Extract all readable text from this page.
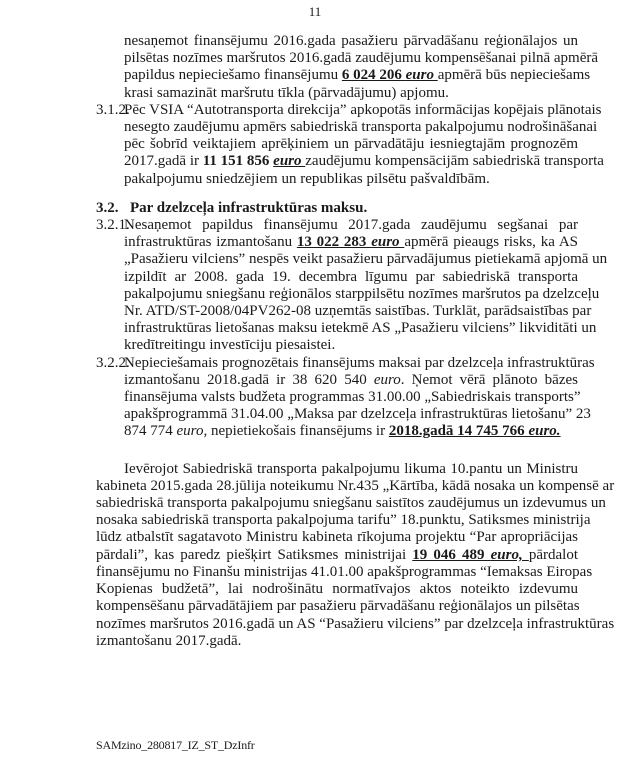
11
nesaņemot finansējumu 2016.gada pasažieru pārvadāšanu reģionālajos un
pilsētas nozīmes maršrutos 2016.gadā zaudējumu kompensēšanai pilnā apmērā
papildus nepieciešamo finansējumu 6 024 206 euro apmērā būs nepieciešams
krasi samazināt maršrutu tīkla (pārvadājumu) apjomu.
3.1.2.
Pēc VSIA “Autotransporta direkcija” apkopotās informācijas kopējais plānotais
nesegto zaudējumu apmērs sabiedriskā transporta pakalpojumu nodrošināšanai
pēc šobrīd veiktajiem aprēķiniem un pārvadātāju iesniegtajām prognozēm
2017.gadā ir 11 151 856 euro zaudējumu kompensācijām sabiedriskā transporta
pakalpojumu sniedzējiem un republikas pilsētu pašvaldībām.
3.2. Par dzelzceļa infrastruktūras maksu.
3.2.1.
Nesaņemot papildus finansējumu 2017.gada zaudējumu segšanai par
infrastruktūras izmantošanu 13 022 283 euro apmērā pieaugs risks, ka AS
„Pasažieru vilciens” nespēs veikt pasažieru pārvadājumus pietiekamā apjomā un
izpildīt ar 2008. gada 19. decembra līgumu par sabiedriskā transporta
pakalpojumu sniegšanu reģionālos starppilsētu nozīmes maršrutos pa dzelzceļu
Nr. ATD/ST-2008/04PV262-08 uzņemtās saistības. Turklāt, parādsaistības par
infrastruktūras lietošanas maksu ietekmē AS „Pasažieru vilciens” likviditāti un
kredītreitingu investīciju piesaistei.
3.2.2.
Nepieciešamais prognozētais finansējums maksai par dzelzceļa infrastruktūras
izmantošanu 2018.gadā ir 38 620 540 euro. Ņemot vērā plānoto bāzes
finansējuma valsts budžeta programmas 31.00.00 „Sabiedriskais transports”
apakšprogrammā 31.04.00 „Maksa par dzelzceļa infrastruktūras lietošanu” 23
874 774 euro, nepietiekošais finansējums ir 2018.gadā 14 745 766 euro.
Ievērojot Sabiedriskā transporta pakalpojumu likuma 10.pantu un Ministru
kabineta 2015.gada 28.jūlija noteikumu Nr.435 „Kārtība, kādā nosaka un kompensē ar
sabiedriskā transporta pakalpojumu sniegšanu saistītos zaudējumus un izdevumus un
nosaka sabiedriskā transporta pakalpojuma tarifu” 18.punktu, Satiksmes ministrija
lūdz atbalstīt sagatavoto Ministru kabineta rīkojuma projektu “Par apropriācijas
pārdali”, kas paredz piešķirt Satiksmes ministrijai 19 046 489 euro, pārdalot
finansējumu no Finanšu ministrijas 41.01.00 apakšprogrammas “Iemaksas Eiropas
Kopienas budžetā”, lai nodrošinātu normatīvajos aktos noteikto izdevumu
kompensēšanu pārvadātājiem par pasažieru pārvadāšanu reģionālajos un pilsētas
nozīmes maršrutos 2016.gadā un AS “Pasažieru vilciens” par dzelzceļa infrastruktūras
izmantošanu 2017.gadā.
SAMzino_280817_IZ_ST_DzInfr
